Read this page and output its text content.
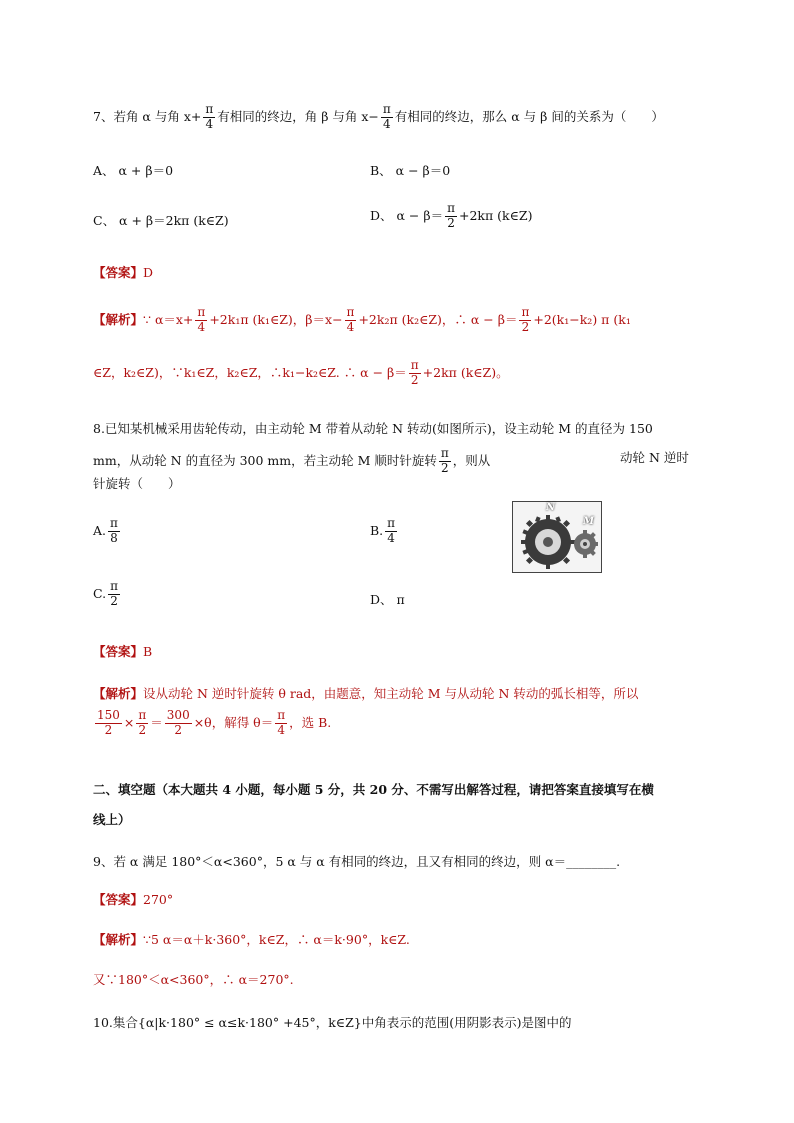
7、若角 α 与角 $x+ \frac{\pi}{4}$ 有相同的终边，角 β 与角 $x- \frac{\pi}{4}$ 有相同的终边，那么 α 与 β 间的关系为（　　）
A、 α + β＝0	B、 α − β＝0
C、 α + β＝2kπ (k∈Z)	D、 $\alpha - \beta= \frac{\pi}{2} +2k\pi$ (k∈Z)
【答案】D
【解析】∵ $\alpha=x+ \frac{\pi}{4} +2k_1\pi$ (k₁∈Z)，$\beta=x- \frac{\pi}{4} +2k_2\pi$ (k₂∈Z)，∴ $\alpha - \beta= \frac{\pi}{2} +2(k_1-k_2)$ π (k₁
∈Z，k₂∈Z)，∵k₁∈Z，k₂∈Z，∴k₁−k₂∈Z. ∴ $\alpha - \beta= \frac{\pi}{2} +2k\pi$ (k∈Z)。
8.已知某机械采用齿轮传动，由主动轮 M 带着从动轮 N 转动(如图所示)，设主动轮 M 的直径为 150
mm，从动轮 N 的直径为 300 mm，若主动轮 M 顺时针旋转 $\frac{\pi}{2}$ ，则从	动轮 N 逆时
针旋转（　　）
A. $\frac{\pi}{8}$	B. $\frac{\pi}{4}$
N
M
C. $\frac{\pi}{2}$	D、 π
【答案】B
【解析】设从动轮 N 逆时针旋转 θ rad，由题意，知主动轮 M 与从动轮 N 转动的弧长相等，所以
$\frac{150}{2} \times \frac{\pi}{2} = \frac{300}{2} \times\theta$，解得 $\theta= \frac{\pi}{4}$ ，选 B.
二、填空题（本大题共 4 小题，每小题 5 分，共 20 分、不需写出解答过程，请把答案直接填写在横
线上）
9、若 α 满足 180°＜α<360°，5 α 与 α 有相同的终边，且又有相同的终边，则 α＝________.
【答案】270°
【解析】∵5 α＝α＋k·360°，k∈Z，∴ α＝k·90°，k∈Z.
又∵180°＜α<360°，∴ α＝270°.
10.集合{α|k·180° ≤ α≤k·180° +45°，k∈Z}中角表示的范围(用阴影表示)是图中的
